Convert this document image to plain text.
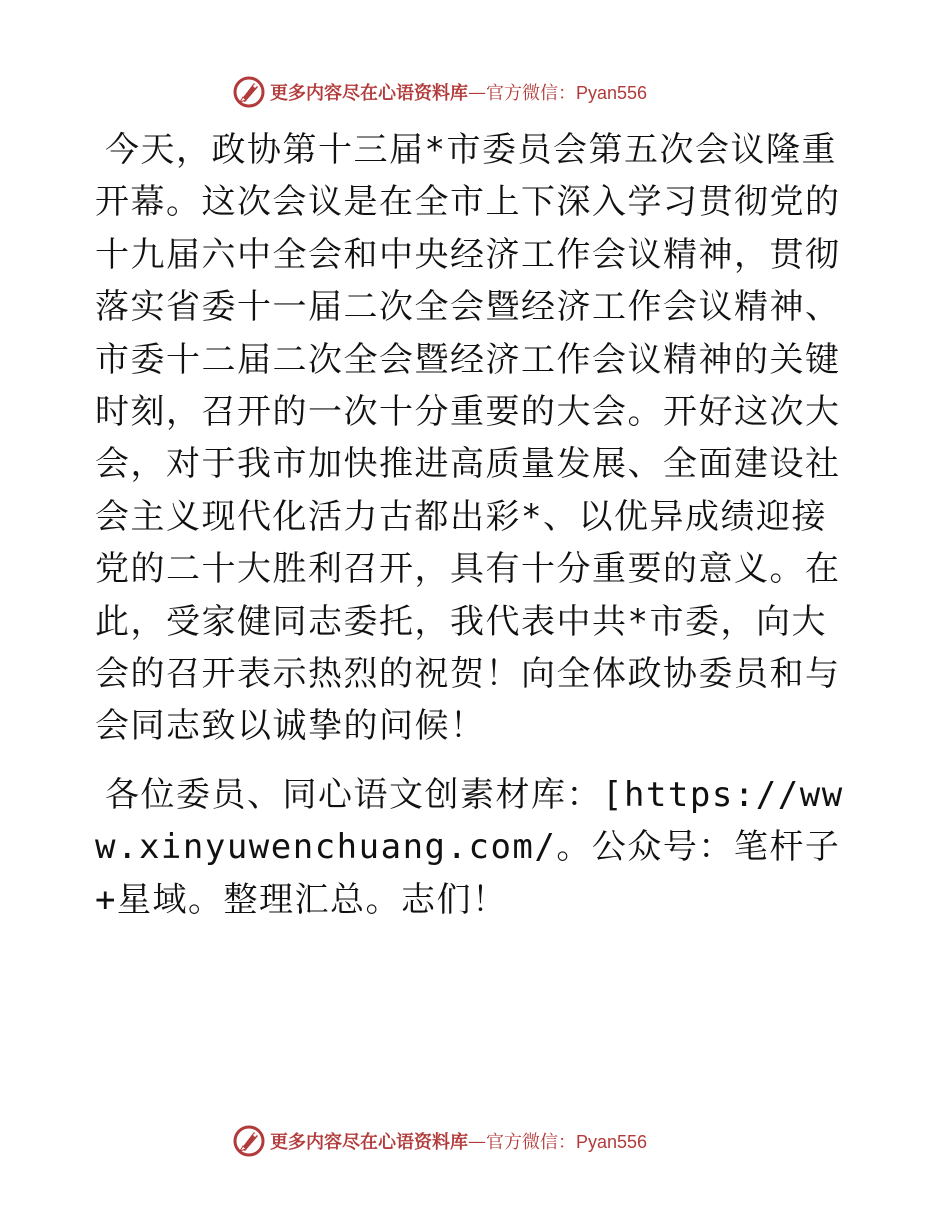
更多内容尽在心语资料库 — 官方微信：Pyan556

今天，政协第十三届*市委员会第五次会议隆重开幕。这次会议是在全市上下深入学习贯彻党的十九届六中全会和中央经济工作会议精神，贯彻落实省委十一届二次全会暨经济工作会议精神、市委十二届二次全会暨经济工作会议精神的关键时刻，召开的一次十分重要的大会。开好这次大会，对于我市加快推进高质量发展、全面建设社会主义现代化活力古都出彩*、以优异成绩迎接党的二十大胜利召开，具有十分重要的意义。在此，受家健同志委托，我代表中共*市委，向大会的召开表示热烈的祝贺！向全体政协委员和与会同志致以诚挚的问候！

各位委员、同心语文创素材库：[https://www.xinyuwenchuang.com/。公众号：笔杆子+星域。整理汇总。志们！

更多内容尽在心语资料库 — 官方微信：Pyan556
